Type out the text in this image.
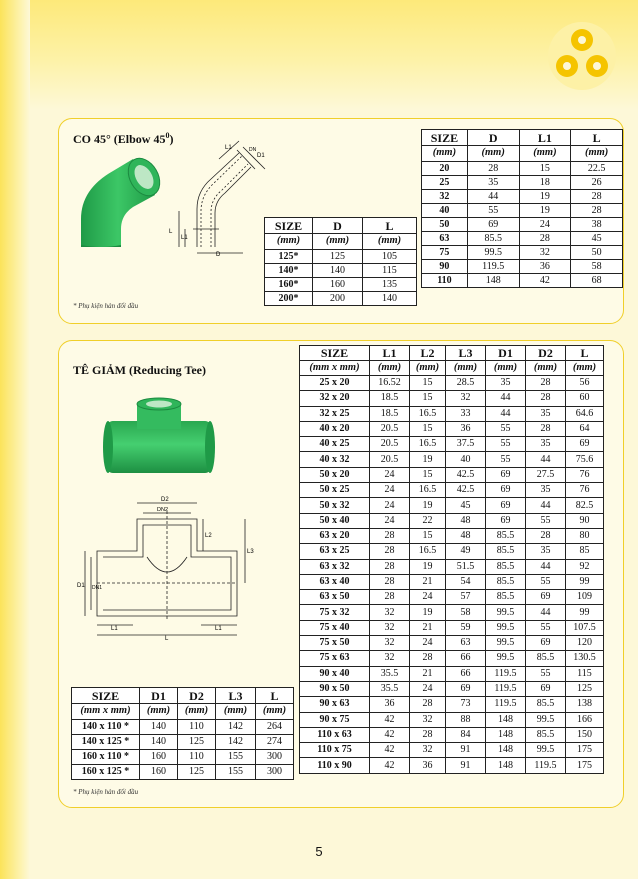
CO 45° (Elbow $45^0$)
L
L1
D
L1
D1
DN
* Phụ kiện hàn đối đầu
SIZE	D	L
(mm)	(mm)	(mm)
125*	125	105
140*	140	115
160*	160	135
200*	200	140
SIZE	D	L1	L
(mm)	(mm)	(mm)	(mm)
20	28	15	22.5
25	35	18	26
32	44	19	28
40	55	19	28
50	69	24	38
63	85.5	28	45
75	99.5	32	50
90	119.5	36	58
110	148	42	68
TÊ GIẢM (Reducing Tee)
D2
DN2
L2
L3
D1 DN1
L1	L1
L
SIZE	D1	D2	L3	L
(mm x mm)	(mm)	(mm)	(mm)	(mm)
140 x 110 *	140	110	142	264
140 x 125 *	140	125	142	274
160 x 110 *	160	110	155	300
160 x 125 *	160	125	155	300
* Phụ kiện hàn đối đầu
SIZE	L1	L2	L3	D1	D2	L
(mm x mm)	(mm)	(mm)	(mm)	(mm)	(mm)	(mm)
25 x 20	16.52	15	28.5	35	28	56
32 x 20	18.5	15	32	44	28	60
32 x 25	18.5	16.5	33	44	35	64.6
40 x 20	20.5	15	36	55	28	64
40 x 25	20.5	16.5	37.5	55	35	69
40 x 32	20.5	19	40	55	44	75.6
50 x 20	24	15	42.5	69	27.5	76
50 x 25	24	16.5	42.5	69	35	76
50 x 32	24	19	45	69	44	82.5
50 x 40	24	22	48	69	55	90
63 x 20	28	15	48	85.5	28	80
63 x 25	28	16.5	49	85.5	35	85
63 x 32	28	19	51.5	85.5	44	92
63 x 40	28	21	54	85.5	55	99
63 x 50	28	24	57	85.5	69	109
75 x 32	32	19	58	99.5	44	99
75 x 40	32	21	59	99.5	55	107.5
75 x 50	32	24	63	99.5	69	120
75 x 63	32	28	66	99.5	85.5	130.5
90 x 40	35.5	21	66	119.5	55	115
90 x 50	35.5	24	69	119.5	69	125
90 x 63	36	28	73	119.5	85.5	138
90 x 75	42	32	88	148	99.5	166
110 x 63	42	28	84	148	85.5	150
110 x 75	42	32	91	148	99.5	175
110 x 90	42	36	91	148	119.5	175
5
